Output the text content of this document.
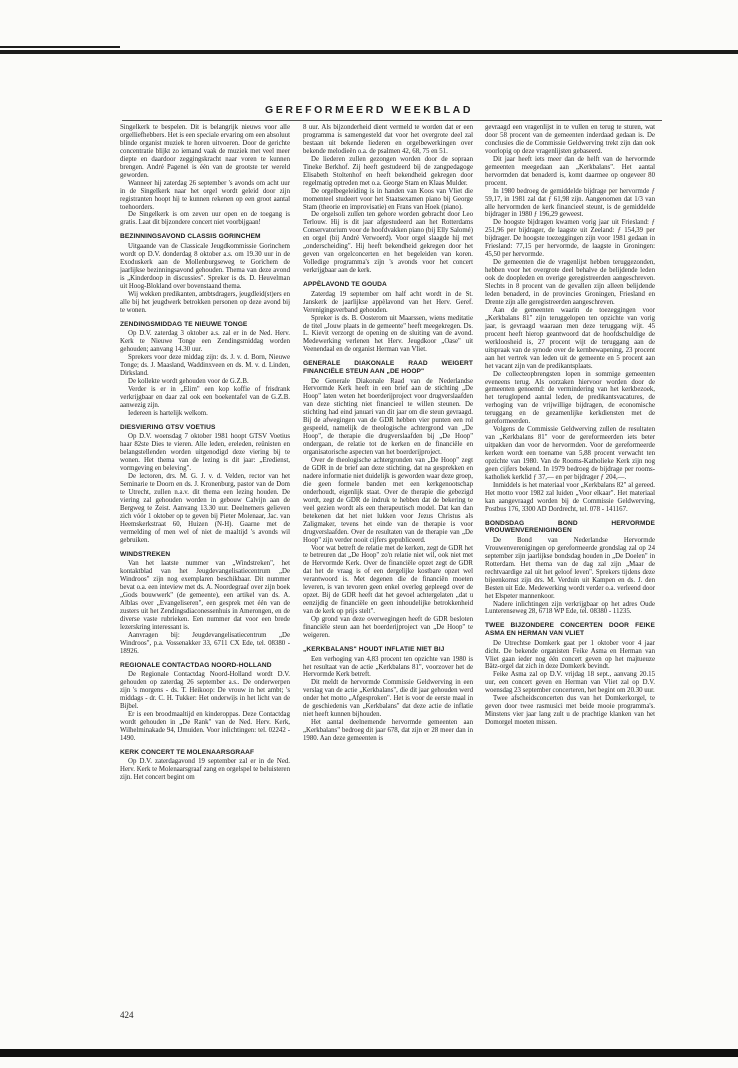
GEREFORMEERD WEEKBLAD

Singelkerk te bespelen. Dit is belangrijk nieuws voor alle orgelliefhebbers. Het is een speciale ervaring om een absoluut blinde organist muziek te horen uitvoeren. Door de gerichte concentratie blijkt zo iemand vaak de muziek met veel meer diepte en daardoor zeggingskracht naar voren te kunnen brengen. André Pagenel is één van de grootste ter wereld geworden.

Wanneer hij zaterdag 26 september 's avonds om acht uur in de Singelkerk naar het orgel wordt geleid door zijn registranten hoopt hij te kunnen rekenen op een groot aantal toehoorders.

De Singelkerk is om zeven uur open en de toegang is gratis. Laat dit bijzondere concert niet voorbijgaan!

BEZINNINGSAVOND CLASSIS GORINCHEM

Uitgaande van de Classicale Jeugdkommissie Gorinchem wordt op D.V. donderdag 8 oktober a.s. om 19.30 uur in de Exoduskerk aan de Mollenburgseweg te Gorichem de jaarlijkse bezinningsavond gehouden. Thema van deze avond is „Kinderdoop in discussies". Spreker is ds. D. Heuvelman uit Hoog-Blokland over bovenstaand thema.

Wij wekken predikanten, ambtsdragers, jeugdleid(st)ers en alle bij het jeugdwerk betrokken personen op deze avond bij te wonen.

ZENDINGSMIDDAG TE NIEUWE TONGE

Op D.V. zaterdag 3 oktober a.s. zal er in de Ned. Herv. Kerk te Nieuwe Tonge een Zendingsmiddag worden gehouden; aanvang 14.30 uur.

Sprekers voor deze middag zijn: ds. J. v. d. Born, Nieuwe Tonge; ds. J. Maasland, Waddinxveen en ds. M. v. d. Linden, Dirksland.

De kollekte wordt gehouden voor de G.Z.B.

Verder is er in „Elim" een kop koffie of frisdrank verkrijgbaar en daar zal ook een boekentafel van de G.Z.B. aanwezig zijn.

Iedereen is hartelijk welkom.

DIESVIERING GTSV VOETIUS

Op D.V. woensdag 7 oktober 1981 hoopt GTSV Voetius haar 82ste Dies te vieren. Alle leden, ereleden, reünisten en belangstellenden worden uitgenodigd deze viering bij te wonen. Het thema van de lezing is dit jaar: „Eredienst, vormgeving en beleving".

De lectoren, drs. M. G. J. v. d. Velden, rector van het Seminarie te Doorn en ds. J. Kronenburg, pastor van de Dom te Utrecht, zullen n.a.v. dit thema een lezing houden. De viering zal gehouden worden in gebouw Calvijn aan de Bergweg te Zeist. Aanvang 13.30 uur. Deelnemers gelieven zich vóór 1 oktober op te geven bij Pieter Molenaar, Jac. van Heemskerkstraat 60, Huizen (N-H). Gaarne met de vermelding of men wel of niet de maaltijd 's avonds wil gebruiken.

WINDSTREKEN

Van het laatste nummer van „Windstreken", het kontaktblad van het Jeugdevangelisatiecentrum „De Windroos" zijn nog exemplaren beschikbaar. Dit nummer bevat o.a. een inteview met ds. A. Noordegraaf over zijn boek „Gods bouwwerk" (de gemeente), een artikel van ds. A. Alblas over „Evangeliseren", een gesprek met één van de zusters uit het Zendingsdiaconessenhuis in Amerongen, en de diverse vaste rubrieken. Een nummer dat voor een brede lezerskring interessant is.

Aanvragen bij: Jeugdevangelisatiecentrum „De Windroos", p.a. Vossenakker 33, 6711 CX Ede, tel. 08380 - 18926.

REGIONALE CONTACTDAG NOORD-HOLLAND

De Regionale Contactdag Noord-Holland wordt D.V. gehouden op zaterdag 26 september a.s.. De onderwerpen zijn 's morgens - ds. T. Heikoop: De vrouw in het ambt; 's middags - dr. C. H. Tukker: Het onderwijs in het licht van de Bijbel.

Er is een broodmaaltijd en kinderoppas. Deze Contactdag wordt gehouden in „De Rank" van de Ned. Herv. Kerk, Wilhelminakade 94, IJmuiden. Voor inlichtingen: tel. 02242 - 1490.

KERK CONCERT TE MOLENAARSGRAAF

Op D.V. zaterdagavond 19 september zal er in de Ned. Herv. Kerk te Molenaarsgraaf zang en orgelspel te beluisteren zijn. Het concert begint om

8 uur. Als bijzonderheid dient vermeld te worden dat er een programma is samengesteld dat voor het overgrote deel zal bestaan uit bekende liederen en orgelbewerkingen over bekende melodieën o.a. de psalmen 42, 68, 75 en 51.

De liederen zullen gezongen worden door de sopraan Tineke Berkhof. Zij heeft gestudeerd bij de zangpedagoge Elisabeth Stoltenhof en heeft bekendheid gekregen door regelmatig optreden met o.a. George Stam en Klaas Mulder.

De orgelbegeleiding is in handen van Koos van Vliet die momenteel studeert voor het Staatsexamen piano bij George Stam (theorie en improvisatie) en Frans van Hoek (piano).

De orgelsoli zullen ten gehore worden gebracht door Leo Terlouw. Hij is dit jaar afgestudeerd aan het Rotterdams Conservatorium voor de hoofdvakken piano (bij Elly Salomé) en orgel (bij André Verwoerd). Voor orgel slaagde hij met „onderscheiding". Hij heeft bekendheid gekregen door het geven van orgelconcerten en het begeleiden van koren. Volledige programma's zijn 's avonds voor het concert verkrijgbaar aan de kerk.

APPÈLAVOND TE GOUDA

Zaterdag 19 september om half acht wordt in de St. Janskerk de jaarlijkse appèlavond van het Herv. Geref. Verenigingsverband gehouden.

Spreker is ds. B. Oosterom uit Maarssen, wiens meditatie de titel „Jouw plaats in de gemeente" heeft meegekregen. Ds. L. Kievit verzorgt de opening en de sluiting van de avond. Medewerking verlenen het Herv. Jeugdkoor „Oase" uit Veenendaal en de organist Herman van Vliet.

GENERALE DIAKONALE RAAD WEIGERT FINANCIËLE STEUN AAN „DE HOOP"

De Generale Diakonale Raad van de Nederlandse Hervormde Kerk heeft in een brief aan de stichting „De Hoop" laten weten het boerderijproject voor drugverslaafden van deze stichting niet financieel te willen steunen. De stichting had eind januari van dit jaar om die steun gevraagd. Bij de afwegingen van de GDR hebben vier punten een rol gespeeld, namelijk de theologische achtergrond van „De Hoop", de therapie die drugverslaafden bij „De Hoop" ondergaan, de relatie tot de kerken en de financiële en organisatorische aspecten van het boerderijproject.

Over de theologische achtergronden van „De Hoop" zegt de GDR in de brief aan deze stichting, dat na gesprekken en nadere informatie niet duidelijk is geworden waar deze groep, die geen formele banden met een kerkgenootschap onderhoudt, eigenlijk staat. Over de therapie die gebezigd wordt, zegt de GDR de indruk te hebben dat de bekering te veel gezien wordt als een therapeutisch model. Dat kan dan betekenen dat het niet lukken voor Jezus Christus als Zaligmaker, tevens het einde van de therapie is voor drugverslaafden. Over de resultaten van de therapie van „De Hoop" zijn verder nooit cijfers gepubliceerd.

Voor wat betreft de relatie met de kerken, zegt de GDR het te betreuren dat „De Hoop" zo'n relatie niet wil, ook niet met de Hervormde Kerk. Over de financiële opzet zegt de GDR dat het de vraag is of een dergelijke kostbare opzet wel verantwoord is. Met degenen die de financiën moeten leveren, is van tevoren geen enkel overleg gepleegd over de opzet. Bij de GDR heeft dat het gevoel achtergelaten „dat u eenzijdig de financiële en geen inhoudelijke betrokkenheid van de kerk op prijs stelt".

Op grond van deze overwegingen heeft de GDR besloten financiële steun aan het boerderijproject van „De Hoop" te weigeren.

„KERKBALANS" HOUDT INFLATIE NIET BIJ

Een verhoging van 4,83 procent ten opzichte van 1980 is het resultaat van de actie „Kerkbalans 81", voorzover het de Hervormde Kerk betreft.

Dit meldt de hervormde Commissie Geldwerving in een verslag van de actie „Kerkbalans", die dit jaar gehouden werd onder het motto „Afgesproken". Het is voor de eerste maal in de geschiedenis van „Kerkbalans" dat deze actie de inflatie niet heeft kunnen bijhouden.

Het aantal deelnemende hervormde gemeenten aan „Kerkbalans" bedroeg dit jaar 678, dat zijn er 28 meer dan in 1980. Aan deze gemeenten is

gevraagd een vragenlijst in te vullen en terug te sturen, wat door 58 procent van de gemeenten inderdaad gedaan is. De conclusies die de Commissie Geldwerving trekt zijn dan ook voorlopig op deze vragenlijsten gebaseerd.

Dit jaar heeft iets meer dan de helft van de hervormde gemeenten meegedaan aan „Kerkbalans". Het aantal hervormden dat benaderd is, komt daarmee op ongeveer 80 procent.

In 1980 bedroeg de gemiddelde bijdrage per hervormde ƒ 59,17, in 1981 zal dat ƒ 61,98 zijn. Aangenomen dat 1/3 van alle hervormden de kerk financieel steunt, is de gemiddelde bijdrager in 1980 ƒ 196,29 geweest.

De hoogste bijdragen kwamen vorig jaar uit Friesland: ƒ 251,96 per bijdrager, de laagste uit Zeeland: ƒ 154,39 per bijdrager. De hoogste toezeggingen zijn voor 1981 gedaan in Friesland: 77,15 per hervormde, de laagste in Groningen: 45,50 per hervormde.

De gemeenten die de vragenlijst hebben teruggezonden, hebben voor het overgrote deel behalve de belijdende leden ook de doopleden en overige geregistreerden aangeschreven. Slechts in 8 procent van de gevallen zijn alleen belijdende leden benaderd, in de provincies Groningen, Friesland en Drente zijn alle geregistreerden aangeschreven.

Aan de gemeenten waarin de toezeggingen voor „Kerkbalans 81" zijn teruggelopen ten opzichte van vorig jaar, is gevraagd waaraan men deze teruggang wijt. 45 procent heeft hierop geantwoord dat de hoofdschuldige de werkloosheid is, 27 procent wijt de teruggang aan de uitspraak van de synode over de kernbewapening, 23 procent aan het vertrek van leden uit de gemeente en 5 procent aan het vacant zijn van de predikantsplaats.

De collecteopbrengsten lopen in sommige gemeenten eveneens terug. Als oorzaken hiervoor worden door de gemeenten genoemd: de vermindering van het kerkbezoek, het teruglopend aantal leden, de predikantsvacatures, de verhoging van de vrijwillige bijdragen, de economische teruggang en de gezamenlijke kerkdiensten met de gereformeerden.

Volgens de Commissie Geldwerving zullen de resultaten van „Kerkbalans 81" voor de gereformeerden iets beter uitpakken dan voor de hervormden. Voor de gereformeerde kerken wordt een toename van 5,88 procent verwacht ten opzichte van 1980. Van de Rooms-Katholieke Kerk zijn nog geen cijfers bekend. In 1979 bedroeg de bijdrage per rooms-katholiek kerklid ƒ 37,— en per bijdrager ƒ 204,—.

Inmiddels is het materiaal voor „Kerkbalans 82" al gereed. Het motto voor 1982 zal luiden „Voor elkaar". Het materiaal kan aangevraagd worden bij de Commissie Geldwerving, Postbus 176, 3300 AD Dordrecht, tel. 078 - 141167.

BONDSDAG BOND HERVORMDE VROUWENVERENIGINGEN

De Bond van Nederlandse Hervormde Vrouwenverenigingen op gereformeerde grondslag zal op 24 september zijn jaarlijkse bondsdag houden in „De Doelen" in Rotterdam. Het thema van de dag zal zijn „Maar de rechtvaardige zal uit het geloof leven". Sprekers tijdens deze bijeenkomst zijn drs. M. Verduin uit Kampen en ds. J. den Besten uit Ede. Medewerking wordt verder o.a. verleend door het Elspeter mannenkoor.

Nadere inlichtingen zijn verkrijgbaar op het adres Oude Lunterenseweg 28, 6718 WP Ede, tel. 08380 - 11235.

TWEE BIJZONDERE CONCERTEN DOOR FEIKE ASMA EN HERMAN VAN VLIET

De Utrechtse Domkerk gaat per 1 oktober voor 4 jaar dicht. De bekende organisten Feike Asma en Herman van Vliet gaan ieder nog één concert geven op het majtueuze Bätz-orgel dat zich in deze Domkerk bevindt.

Feike Asma zal op D.V. vrijdag 18 sept., aanvang 20.15 uur, een concert geven en Herman van Vliet zal op D.V. woensdag 23 september concerteren, het begint om 20.30 uur.

Twee afscheidsconcerten dus van het Domkerkorgel, te geven door twee rasmusici met beide mooie programma's. Minstens vier jaar lang zult u de prachtige klanken van het Domorgel moeten missen.

424
